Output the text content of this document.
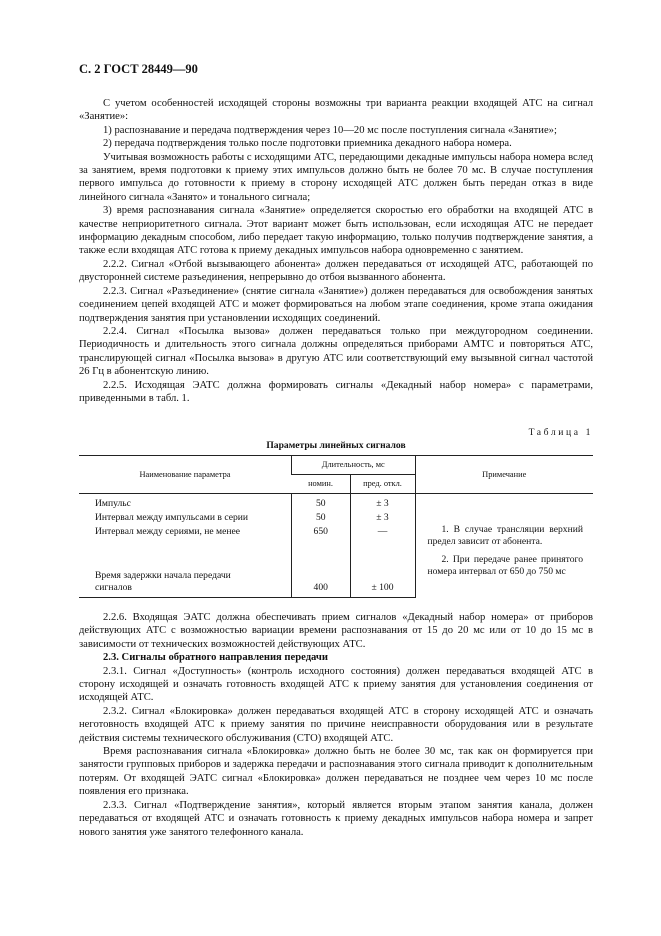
С. 2 ГОСТ 28449—90

С учетом особенностей исходящей стороны возможны три варианта реакции входящей АТС на сигнал «Занятие»:

1) распознавание и передача подтверждения через 10—20 мс после поступления сигнала «Занятие»;

2) передача подтверждения только после подготовки приемника декадного набора номера.

Учитывая возможность работы с исходящими АТС, передающими декадные импульсы набора номера вслед за занятием, время подготовки к приему этих импульсов должно быть не более 70 мс. В случае поступления первого импульса до готовности к приему в сторону исходящей АТС должен быть передан отказ в виде линейного сигнала «Занято» и тонального сигнала;

3) время распознавания сигнала «Занятие» определяется скоростью его обработки на входящей АТС в качестве неприоритетного сигнала. Этот вариант может быть использован, если исходящая АТС не передает информацию декадным способом, либо передает такую информацию, только получив подтверждение занятия, а также если входящая АТС готова к приему декадных импульсов набора одновременно с занятием.

2.2.2. Сигнал «Отбой вызывающего абонента» должен передаваться от исходящей АТС, работающей по двусторонней системе разъединения, непрерывно до отбоя вызванного абонента.

2.2.3. Сигнал «Разъединение» (снятие сигнала «Занятие») должен передаваться для освобождения занятых соединением цепей входящей АТС и может формироваться на любом этапе соединения, кроме этапа ожидания подтверждения занятия при установлении исходящих соединений.

2.2.4. Сигнал «Посылка вызова» должен передаваться только при междугородном соединении. Периодичность и длительность этого сигнала должны определяться приборами АМТС и повторяться АТС, транслирующей сигнал «Посылка вызова» в другую АТС или соответствующий ему вызывной сигнал частотой 26 Гц в абонентскую линию.

2.2.5. Исходящая ЭАТС должна формировать сигналы «Декадный набор номера» с параметрами, приведенными в табл. 1.

Таблица 1
Параметры линейных сигналов
Наименование параметра	Длительность, мс		Примечание
	номин.	пред. откл.	
Импульс	50	± 3	1. В случае трансляции верхний предел зависит от абонента.

2. При передаче ранее принятого номера интервал от 650 до 750 мс

Интервал между импульсами в серии	50	± 3	
Интервал между сериями, не менее	650	—	
Время задержки начала передачи сигналов	400	± 100	

2.2.6. Входящая ЭАТС должна обеспечивать прием сигналов «Декадный набор номера» от приборов действующих АТС с возможностью вариации времени распознавания от 15 до 20 мс или от 10 до 15 мс в зависимости от технических возможностей действующих АТС.

2.3. Сигналы обратного направления передачи

2.3.1. Сигнал «Доступность» (контроль исходного состояния) должен передаваться входящей АТС в сторону исходящей и означать готовность входящей АТС к приему занятия для установления соединения от исходящей АТС.

2.3.2. Сигнал «Блокировка» должен передаваться входящей АТС в сторону исходящей АТС и означать неготовность входящей АТС к приему занятия по причине неисправности оборудования или в результате действия системы технического обслуживания (СТО) входящей АТС.

Время распознавания сигнала «Блокировка» должно быть не более 30 мс, так как он формируется при занятости групповых приборов и задержка передачи и распознавания этого сигнала приводит к дополнительным потерям. От входящей ЭАТС сигнал «Блокировка» должен передаваться не позднее чем через 10 мс после появления его признака.

2.3.3. Сигнал «Подтверждение занятия», который является вторым этапом занятия канала, должен передаваться от входящей АТС и означать готовность к приему декадных импульсов набора номера и запрет нового занятия уже занятого телефонного канала.
